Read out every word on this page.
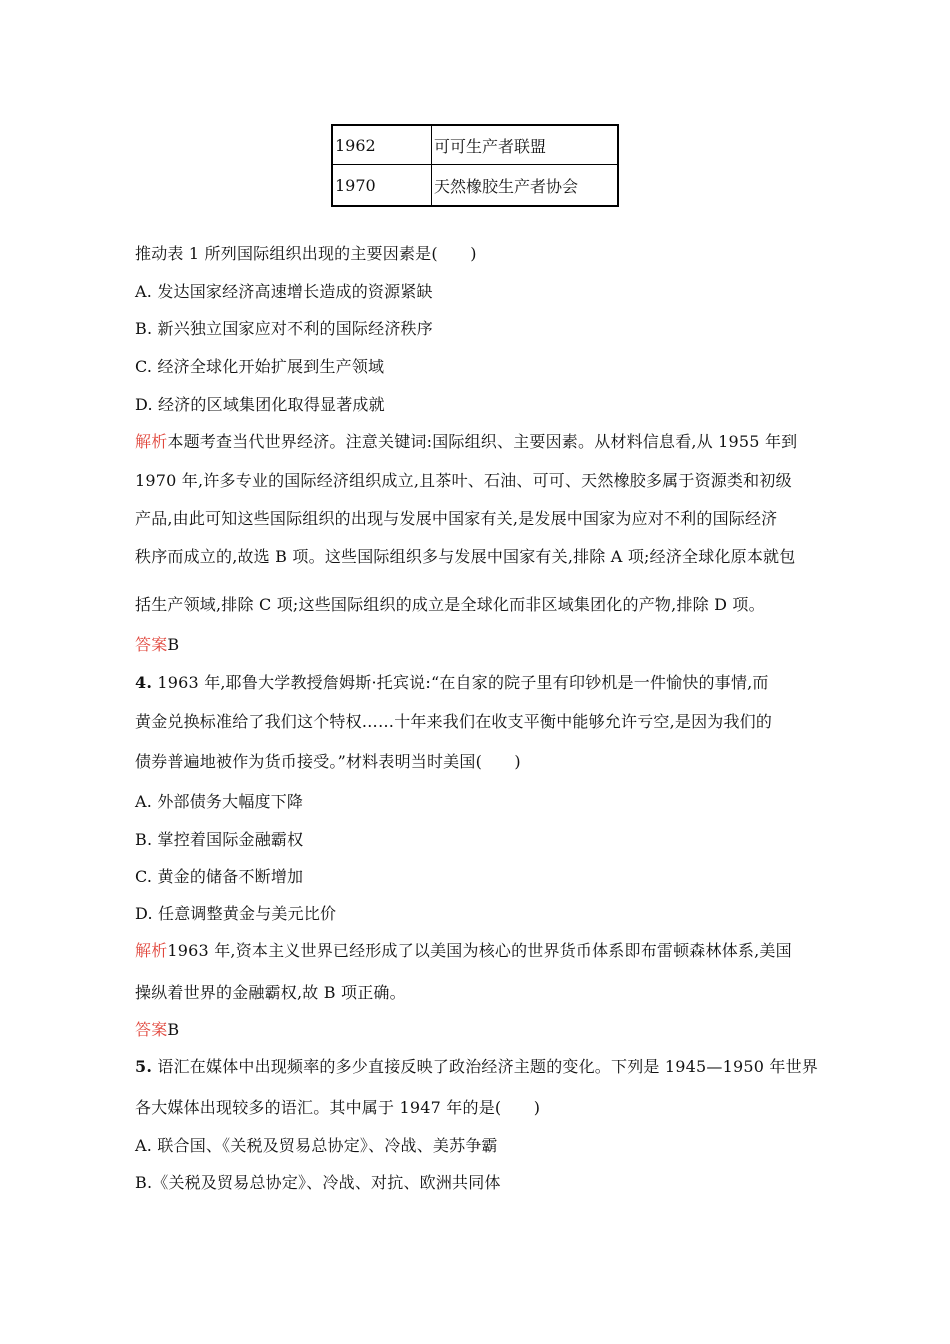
1962	可可生产者联盟
1970	天然橡胶生产者协会
推动表 1 所列国际组织出现的主要因素是(　　)
A. 发达国家经济高速增长造成的资源紧缺
B. 新兴独立国家应对不利的国际经济秩序
C. 经济全球化开始扩展到生产领域
D. 经济的区域集团化取得显著成就
解析本题考查当代世界经济。注意关键词:国际组织、主要因素。从材料信息看,从 1955 年到
1970 年,许多专业的国际经济组织成立,且茶叶、石油、可可、天然橡胶多属于资源类和初级
产品,由此可知这些国际组织的出现与发展中国家有关,是发展中国家为应对不利的国际经济
秩序而成立的,故选 B 项。这些国际组织多与发展中国家有关,排除 A 项;经济全球化原本就包
括生产领域,排除 C 项;这些国际组织的成立是全球化而非区域集团化的产物,排除 D 项。
答案B
4. 1963 年,耶鲁大学教授詹姆斯·托宾说:“在自家的院子里有印钞机是一件愉快的事情,而
黄金兑换标准给了我们这个特权……十年来我们在收支平衡中能够允许亏空,是因为我们的
债券普遍地被作为货币接受。”材料表明当时美国(　　)
A. 外部债务大幅度下降
B. 掌控着国际金融霸权
C. 黄金的储备不断增加
D. 任意调整黄金与美元比价
解析1963 年,资本主义世界已经形成了以美国为核心的世界货币体系即布雷顿森林体系,美国
操纵着世界的金融霸权,故 B 项正确。
答案B
5. 语汇在媒体中出现频率的多少直接反映了政治经济主题的变化。下列是 1945—1950 年世界
各大媒体出现较多的语汇。其中属于 1947 年的是(　　)
A. 联合国、《关税及贸易总协定》、冷战、美苏争霸
B.《关税及贸易总协定》、冷战、对抗、欧洲共同体
